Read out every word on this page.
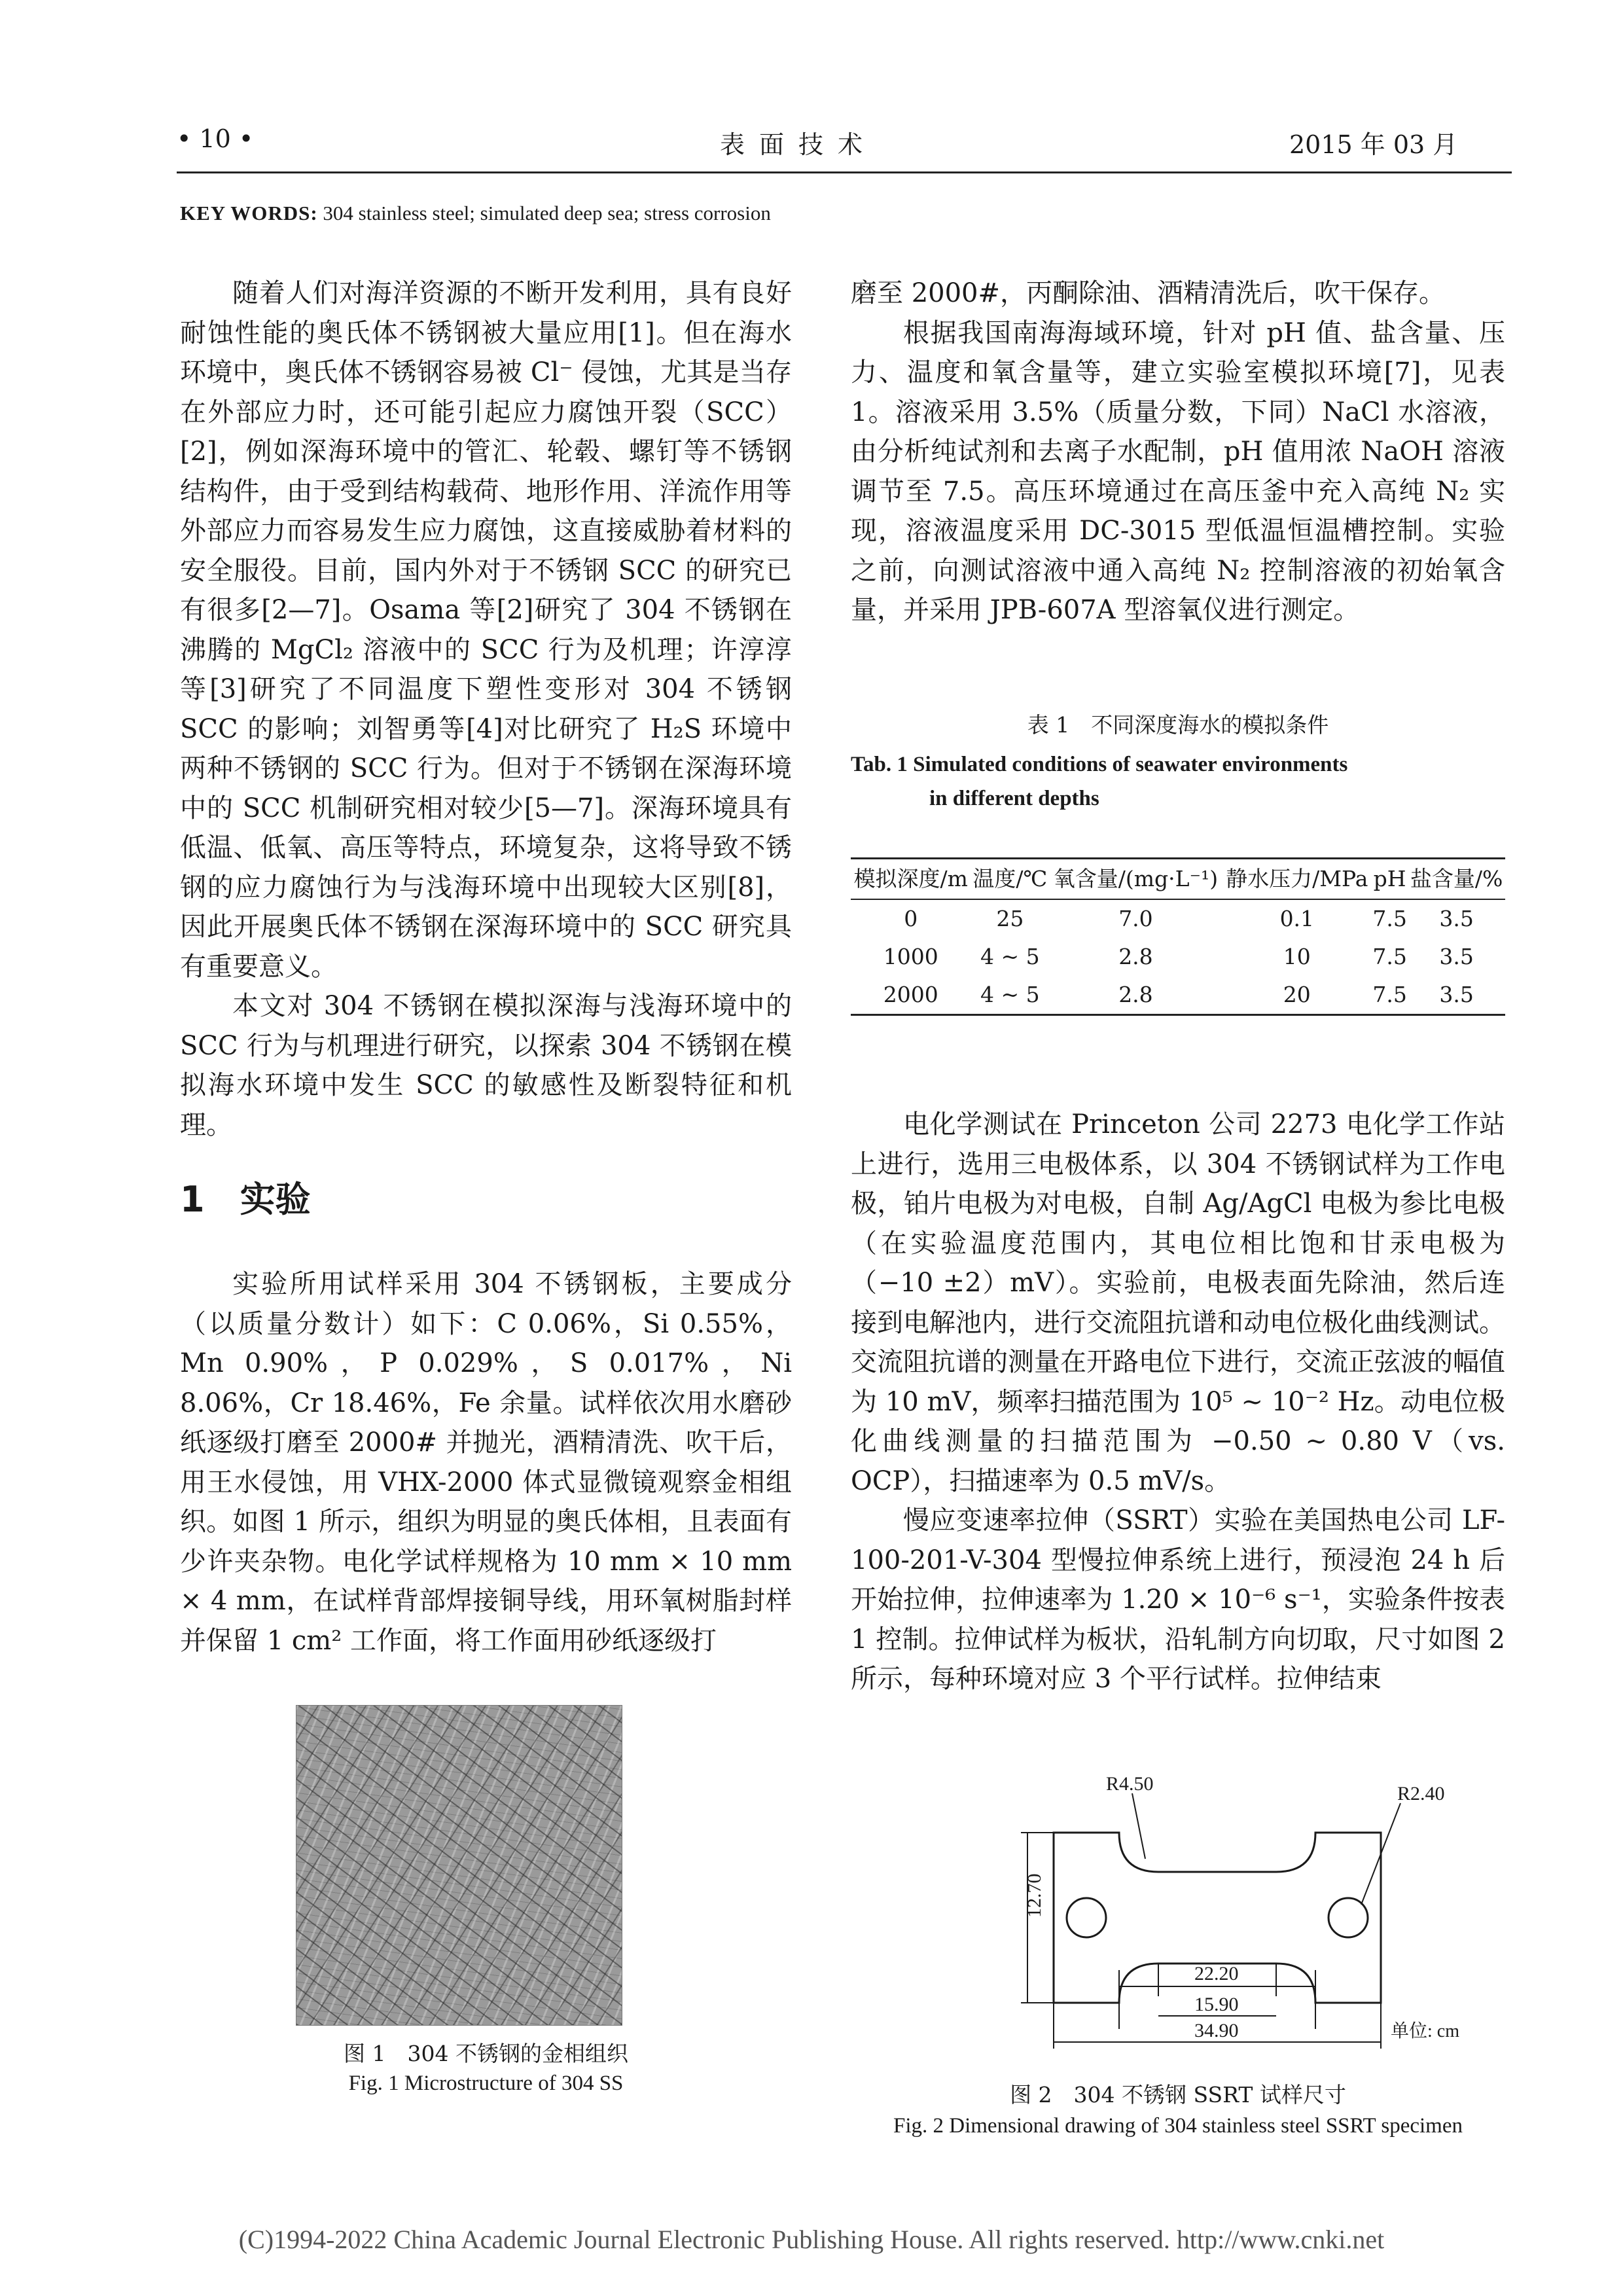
• 10 •	表面技术	2015 年 03 月
KEY WORDS: 304 stainless steel; simulated deep sea; stress corrosion

随着人们对海洋资源的不断开发利用，具有良好耐蚀性能的奥氏体不锈钢被大量应用[1]。但在海水环境中，奥氏体不锈钢容易被 Cl⁻ 侵蚀，尤其是当存在外部应力时，还可能引起应力腐蚀开裂（SCC）[2]，例如深海环境中的管汇、轮毂、螺钉等不锈钢结构件，由于受到结构载荷、地形作用、洋流作用等外部应力而容易发生应力腐蚀，这直接威胁着材料的安全服役。目前，国内外对于不锈钢 SCC 的研究已有很多[2—7]。Osama 等[2]研究了 304 不锈钢在沸腾的 MgCl₂ 溶液中的 SCC 行为及机理；许淳淳等[3]研究了不同温度下塑性变形对 304 不锈钢 SCC 的影响；刘智勇等[4]对比研究了 H₂S 环境中两种不锈钢的 SCC 行为。但对于不锈钢在深海环境中的 SCC 机制研究相对较少[5—7]。深海环境具有低温、低氧、高压等特点，环境复杂，这将导致不锈钢的应力腐蚀行为与浅海环境中出现较大区别[8]，因此开展奥氏体不锈钢在深海环境中的 SCC 研究具有重要意义。

本文对 304 不锈钢在模拟深海与浅海环境中的 SCC 行为与机理进行研究，以探索 304 不锈钢在模拟海水环境中发生 SCC 的敏感性及断裂特征和机理。

1　实验

实验所用试样采用 304 不锈钢板，主要成分（以质量分数计）如下：C 0.06%，Si 0.55%，Mn 0.90%，P 0.029%，S 0.017%，Ni 8.06%，Cr 18.46%，Fe 余量。试样依次用水磨砂纸逐级打磨至 2000# 并抛光，酒精清洗、吹干后，用王水侵蚀，用 VHX-2000 体式显微镜观察金相组织。如图 1 所示，组织为明显的奥氏体相，且表面有少许夹杂物。电化学试样规格为 10 mm × 10 mm × 4 mm，在试样背部焊接铜导线，用环氧树脂封样并保留 1 cm² 工作面，将工作面用砂纸逐级打

图 1　304 不锈钢的金相组织
Fig. 1 Microstructure of 304 SS

磨至 2000#，丙酮除油、酒精清洗后，吹干保存。

根据我国南海海域环境，针对 pH 值、盐含量、压力、温度和氧含量等，建立实验室模拟环境[7]，见表 1。溶液采用 3.5%（质量分数，下同）NaCl 水溶液，由分析纯试剂和去离子水配制，pH 值用浓 NaOH 溶液调节至 7.5。高压环境通过在高压釜中充入高纯 N₂ 实现，溶液温度采用 DC-3015 型低温恒温槽控制。实验之前，向测试溶液中通入高纯 N₂ 控制溶液的初始氧含量，并采用 JPB-607A 型溶氧仪进行测定。

表 1　不同深度海水的模拟条件
Tab. 1 Simulated conditions of seawater environments
in different depths
模拟深度/m	温度/℃	氧含量/(mg·L⁻¹)	静水压力/MPa	pH	盐含量/%
0	25	7.0	0.1	7.5	3.5
1000	4 ~ 5	2.8	10	7.5	3.5
2000	4 ~ 5	2.8	20	7.5	3.5

电化学测试在 Princeton 公司 2273 电化学工作站上进行，选用三电极体系，以 304 不锈钢试样为工作电极，铂片电极为对电极，自制 Ag/AgCl 电极为参比电极（在实验温度范围内，其电位相比饱和甘汞电极为（−10 ±2）mV）。实验前，电极表面先除油，然后连接到电解池内，进行交流阻抗谱和动电位极化曲线测试。交流阻抗谱的测量在开路电位下进行，交流正弦波的幅值为 10 mV，频率扫描范围为 10⁵ ~ 10⁻² Hz。动电位极化曲线测量的扫描范围为 −0.50 ~ 0.80 V（vs. OCP），扫描速率为 0.5 mV/s。

慢应变速率拉伸（SSRT）实验在美国热电公司 LF-100-201-V-304 型慢拉伸系统上进行，预浸泡 24 h 后开始拉伸，拉伸速率为 1.20 × 10⁻⁶ s⁻¹，实验条件按表 1 控制。拉伸试样为板状，沿轧制方向切取，尺寸如图 2 所示，每种环境对应 3 个平行试样。拉伸结束

R4.50	R2.40
12.70
22.20
15.90
34.90	单位: cm
图 2　304 不锈钢 SSRT 试样尺寸
Fig. 2 Dimensional drawing of 304 stainless steel SSRT specimen
(C)1994-2022 China Academic Journal Electronic Publishing House. All rights reserved. http://www.cnki.net
